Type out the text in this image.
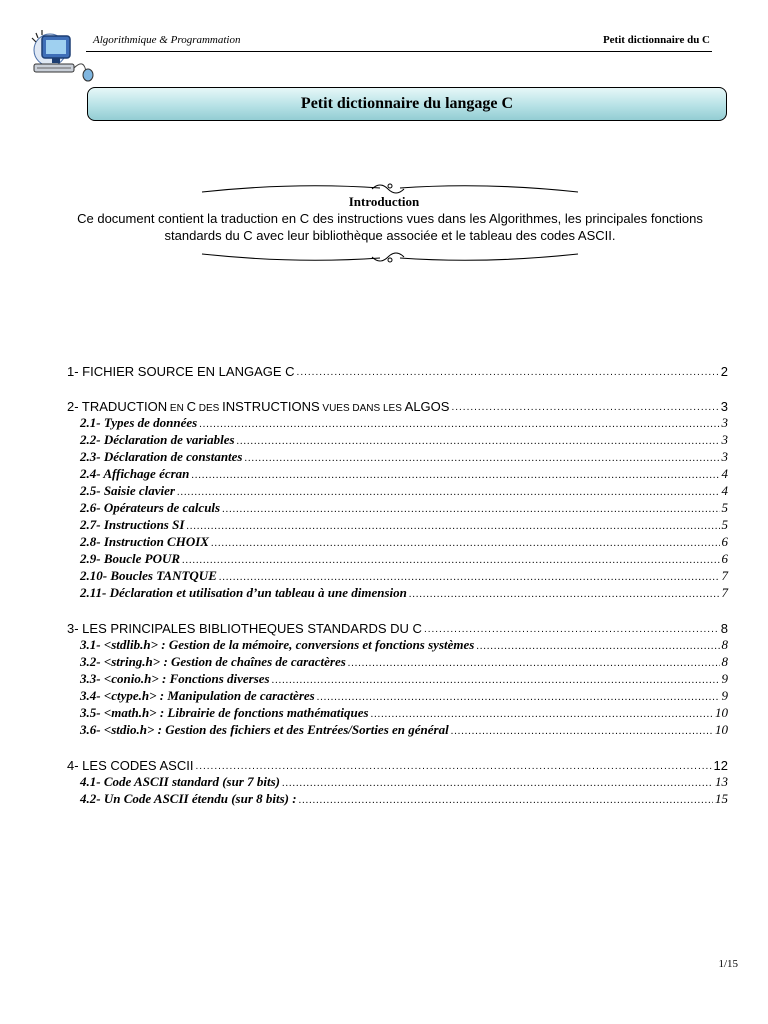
Algorithmique & Programmation	Petit dictionnaire du C
Petit dictionnaire du langage C
Introduction
Ce document contient la traduction en C des instructions vues dans les Algorithmes, les principales fonctions standards du C avec leur bibliothèque associée et le tableau des codes ASCII.
1- FICHIER SOURCE EN LANGAGE C .....	2
2- TRADUCTION EN C DES INSTRUCTIONS VUES DANS LES ALGOS .....	3
2.1- Types de données .....	3
2.2- Déclaration de variables .....	3
2.3- Déclaration de constantes .....	3
2.4- Affichage écran .....	4
2.5- Saisie clavier .....	4
2.6- Opérateurs de calculs .....	5
2.7- Instructions SI .....	5
2.8- Instruction CHOIX .....	6
2.9- Boucle POUR .....	6
2.10- Boucles TANTQUE .....	7
2.11- Déclaration et utilisation d’un tableau à une dimension .....	7
3- LES PRINCIPALES BIBLIOTHEQUES STANDARDS DU C .....	8
3.1- <stdlib.h> : Gestion de la mémoire, conversions et fonctions systèmes .....	8
3.2- <string.h> : Gestion de chaînes de caractères .....	8
3.3- <conio.h> : Fonctions diverses .....	9
3.4- <ctype.h> : Manipulation de caractères .....	9
3.5- <math.h> : Librairie de fonctions mathématiques .....	10
3.6- <stdio.h> : Gestion des fichiers et des Entrées/Sorties en général .....	10
4- LES CODES ASCII .....	12
4.1- Code ASCII standard (sur 7 bits) .....	13
4.2- Un Code ASCII étendu (sur 8 bits) : .....	15
1/15
